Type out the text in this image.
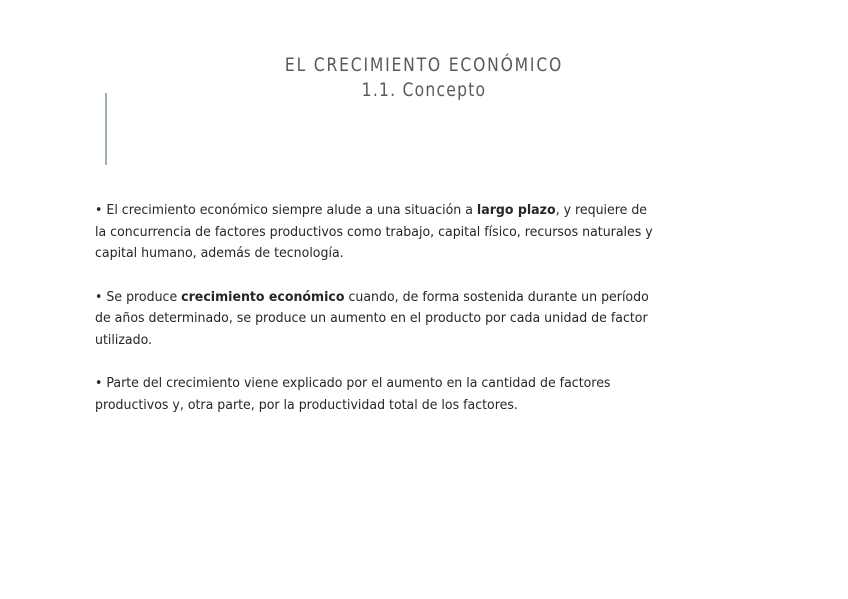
EL CRECIMIENTO ECONÓMICO
1.1. Concepto
• El crecimiento económico siempre alude a una situación a largo plazo, y requiere de
la concurrencia de factores productivos como trabajo, capital físico, recursos naturales y
capital humano, además de tecnología.
• Se produce crecimiento económico cuando, de forma sostenida durante un período
de años determinado, se produce un aumento en el producto por cada unidad de factor
utilizado.
• Parte del crecimiento viene explicado por el aumento en la cantidad de factores
productivos y, otra parte, por la productividad total de los factores.
